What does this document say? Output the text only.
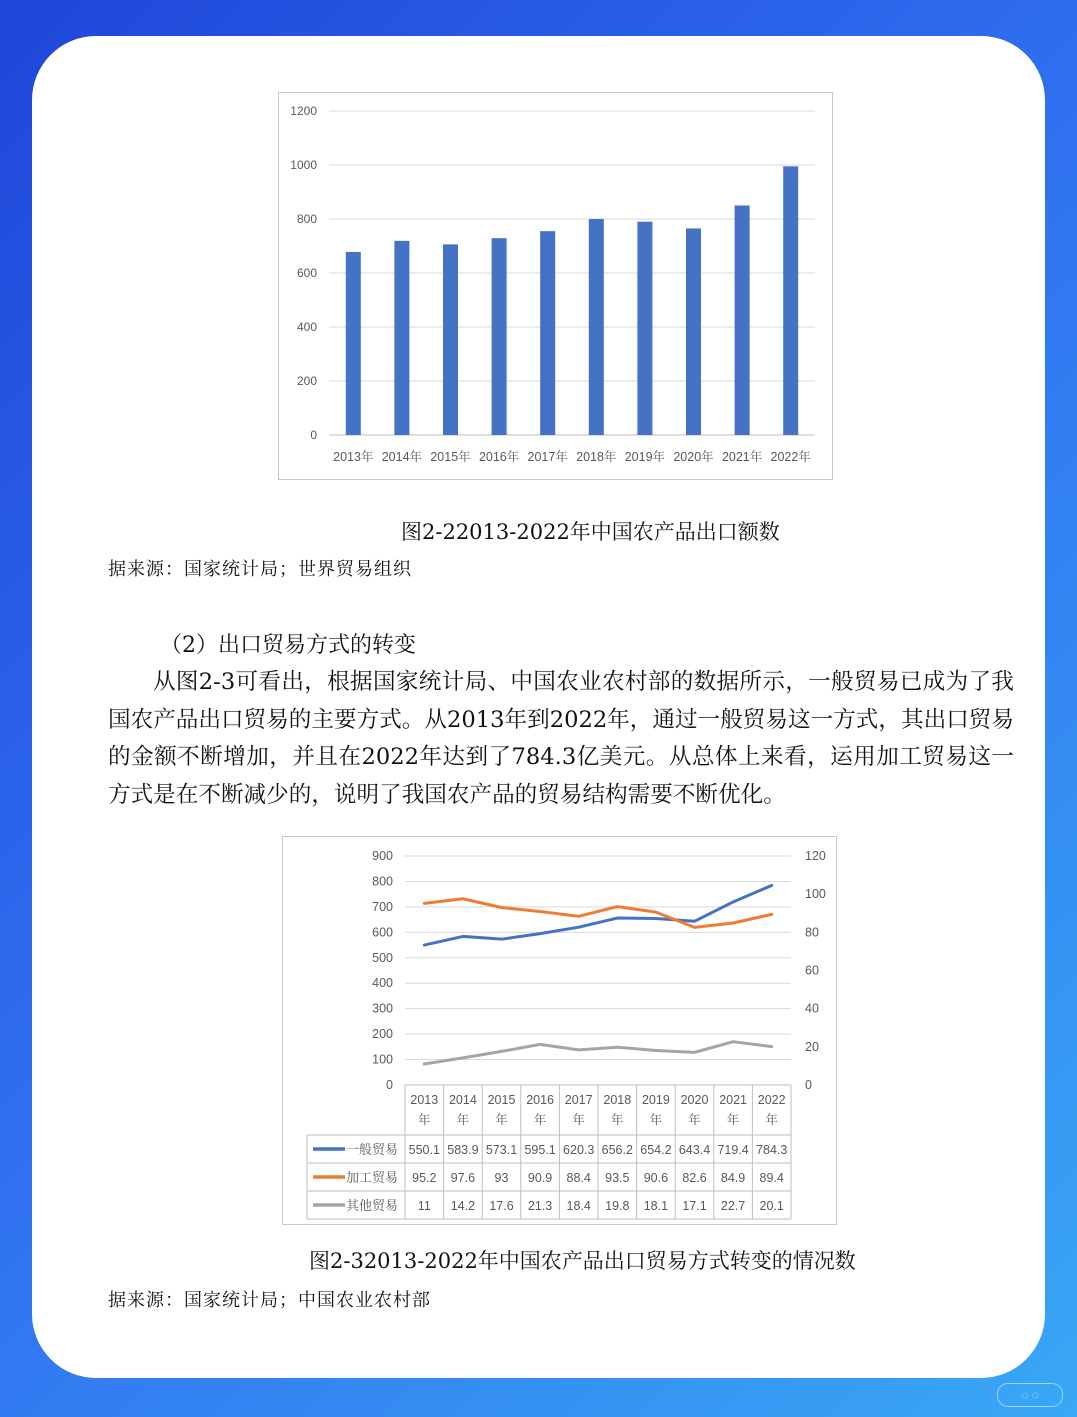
0
200
400
600
800
1000
1200
2013年 2014年 2015年 2016年 2017年 2018年 2019年 2020年 2021年 2022年
图2-22013-2022年中国农产品出口额数
据来源：国家统计局；世界贸易组织
（2）出口贸易方式的转变
从图2-3可看出，根据国家统计局、中国农业农村部的数据所示，一般贸易已成为了我国农产品出口贸易的主要方式。从2013年到2022年，通过一般贸易这一方式，其出口贸易的金额不断增加，并且在2022年达到了784.3亿美元。从总体上来看，运用加工贸易这一方式是在不断减少的，说明了我国农产品的贸易结构需要不断优化。
0
100
200
300
400
500
600
700
800
900
0
20
40
60
80
100
120
2013
年
2014
年
2015
年
2016
年
2017
年
2018
年
2019
年
2020
年
2021
年
2022
年
一般贸易 550.1 583.9 573.1 595.1 620.3 656.2 654.2 643.4 719.4 784.3
加工贸易 95.2 97.6 93 90.9 88.4 93.5 90.6 82.6 84.9 89.4
其他贸易 11 14.2 17.6 21.3 18.4 19.8 18.1 17.1 22.7 20.1
图2-32013-2022年中国农产品出口贸易方式转变的情况数
据来源：国家统计局；中国农业农村部
◌ ◌
